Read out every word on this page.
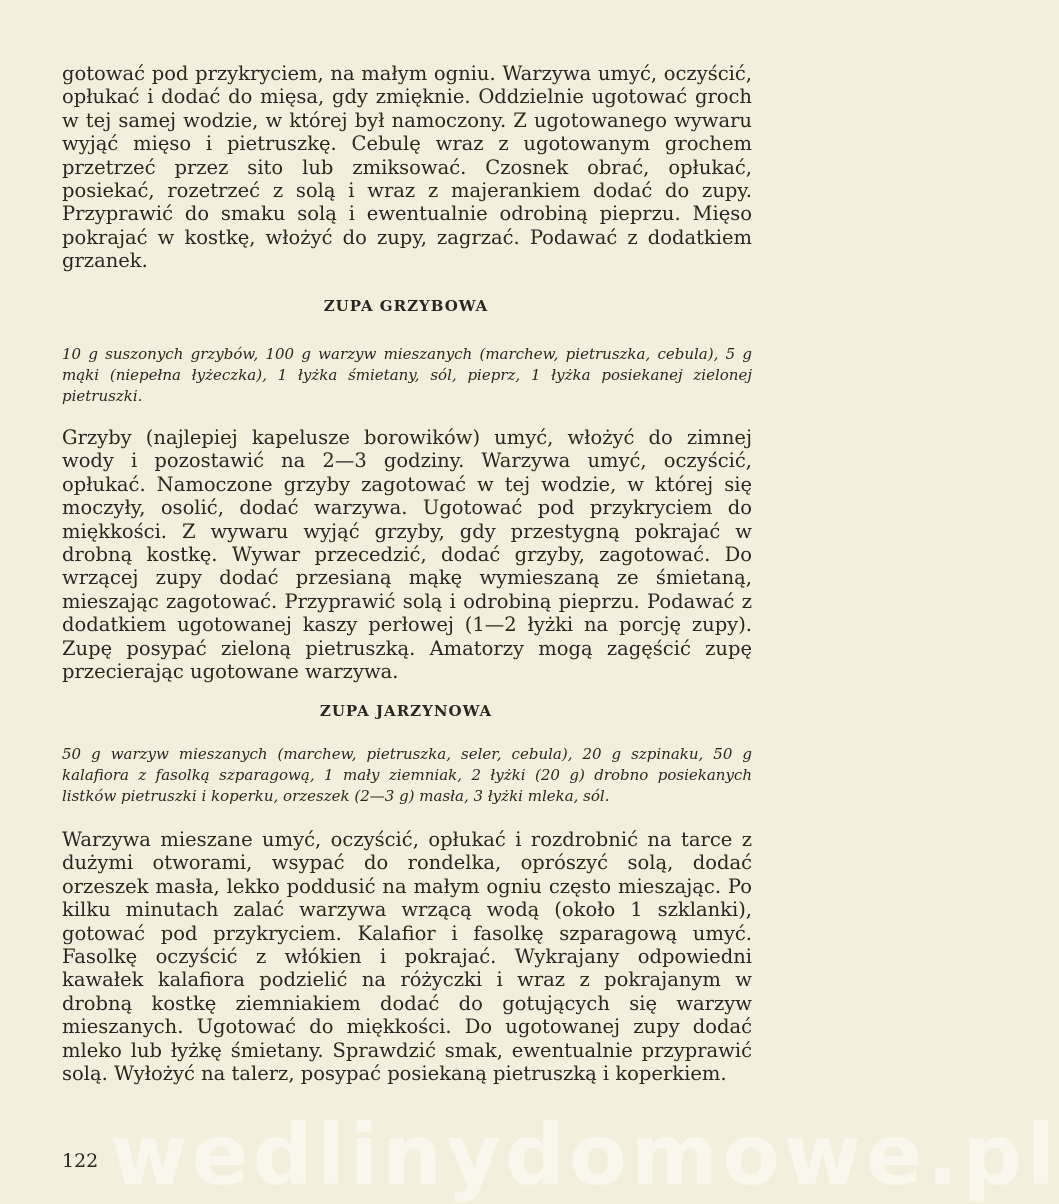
gotować pod przykryciem, na małym ogniu. Warzywa umyć, oczyścić, opłukać i dodać do mięsa, gdy zmięknie. Oddzielnie ugotować groch w tej samej wodzie, w której był namoczony. Z ugotowanego wywaru wyjąć mięso i pietruszkę. Cebulę wraz z ugotowanym grochem przetrzeć przez sito lub zmiksować. Czosnek obrać, opłukać, posiekać, rozetrzeć z solą i wraz z majerankiem dodać do zupy. Przyprawić do smaku solą i ewentualnie odrobiną pieprzu. Mięso pokrajać w kostkę, włożyć do zupy, zagrzać. Podawać z dodatkiem grzanek.

ZUPA GRZYBOWA

10 g suszonych grzybów, 100 g warzyw mieszanych (marchew, pietruszka, cebula), 5 g mąki (niepełna łyżeczka), 1 łyżka śmietany, sól, pieprz, 1 łyżka posiekanej zielonej pietruszki.

Grzyby (najlepiej kapelusze borowików) umyć, włożyć do zimnej wody i pozostawić na 2—3 godziny. Warzywa umyć, oczyścić, opłukać. Namoczone grzyby zagotować w tej wodzie, w której się moczyły, osolić, dodać warzywa. Ugotować pod przykryciem do miękkości. Z wywaru wyjąć grzyby, gdy przestygną pokrajać w drobną kostkę. Wywar przecedzić, dodać grzyby, zagotować. Do wrzącej zupy dodać przesianą mąkę wymieszaną ze śmietaną, mieszając zagotować. Przyprawić solą i odrobiną pieprzu. Podawać z dodatkiem ugotowanej kaszy perłowej (1—2 łyżki na porcję zupy). Zupę posypać zieloną pietruszką. Amatorzy mogą zagęścić zupę przecierając ugotowane warzywa.

ZUPA JARZYNOWA

50 g warzyw mieszanych (marchew, pietruszka, seler, cebula), 20 g szpinaku, 50 g kalafiora z fasolką szparagową, 1 mały ziemniak, 2 łyżki (20 g) drobno posiekanych listków pietruszki i koperku, orzeszek (2—3 g) masła, 3 łyżki mleka, sól.

Warzywa mieszane umyć, oczyścić, opłukać i rozdrobnić na tarce z dużymi otworami, wsypać do rondelka, oprószyć solą, dodać orzeszek masła, lekko poddusić na małym ogniu często mieszając. Po kilku minutach zalać warzywa wrzącą wodą (około 1 szklanki), gotować pod przykryciem. Kalafior i fasolkę szparagową umyć. Fasolkę oczyścić z włókien i pokrajać. Wykrajany odpowiedni kawałek kalafiora podzielić na różyczki i wraz z pokrajanym w drobną kostkę ziemniakiem dodać do gotujących się warzyw mieszanych. Ugotować do miękkości. Do ugotowanej zupy dodać mleko lub łyżkę śmietany. Sprawdzić smak, ewentualnie przyprawić solą. Wyłożyć na talerz, posypać posiekaną pietruszką i koperkiem.

wedlinydomowe.pl
122
